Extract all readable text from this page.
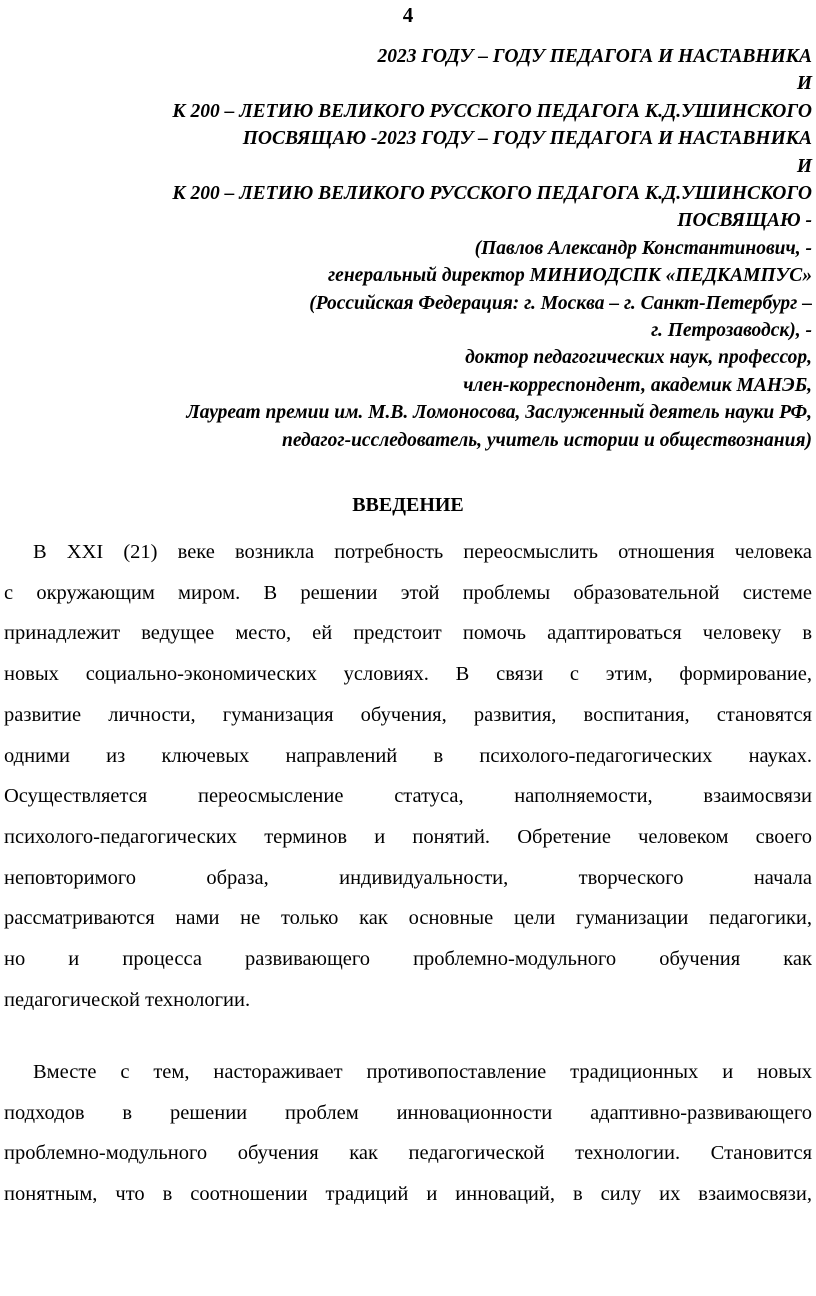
4
2023 ГОДУ – ГОДУ ПЕДАГОГА И НАСТАВНИКА
И
К 200 – ЛЕТИЮ ВЕЛИКОГО РУССКОГО ПЕДАГОГА К.Д.УШИНСКОГО
ПОСВЯЩАЮ -2023 ГОДУ – ГОДУ ПЕДАГОГА И НАСТАВНИКА
И
К 200 – ЛЕТИЮ ВЕЛИКОГО РУССКОГО ПЕДАГОГА К.Д.УШИНСКОГО
ПОСВЯЩАЮ -
(Павлов Александр Константинович, -
генеральный директор МИНИОДСПК «ПЕДКАМПУС»
(Российская Федерация: г. Москва – г. Санкт-Петербург –
г. Петрозаводск), -
доктор педагогических наук, профессор,
член-корреспондент, академик МАНЭБ,
Лауреат премии им. М.В. Ломоносова, Заслуженный деятель науки РФ,
педагог-исследователь, учитель истории и обществознания)
ВВЕДЕНИЕ
В XXI (21) веке возникла потребность переосмыслить отношения человека
с окружающим миром. В решении этой проблемы образовательной системе
принадлежит ведущее место, ей предстоит помочь адаптироваться человеку в
новых социально-экономических условиях. В связи с этим, формирование,
развитие личности, гуманизация обучения, развития, воспитания, становятся
одними из ключевых направлений в психолого-педагогических науках.
Осуществляется переосмысление статуса, наполняемости, взаимосвязи
психолого-педагогических терминов и понятий. Обретение человеком своего
неповторимого образа, индивидуальности, творческого начала
рассматриваются нами не только как основные цели гуманизации педагогики,
но и процесса развивающего проблемно-модульного обучения как
педагогической технологии.
Вместе с тем, настораживает противопоставление традиционных и новых
подходов в решении проблем инновационности адаптивно-развивающего
проблемно-модульного обучения как педагогической технологии. Становится
понятным, что в соотношении традиций и инноваций, в силу их взаимосвязи,
